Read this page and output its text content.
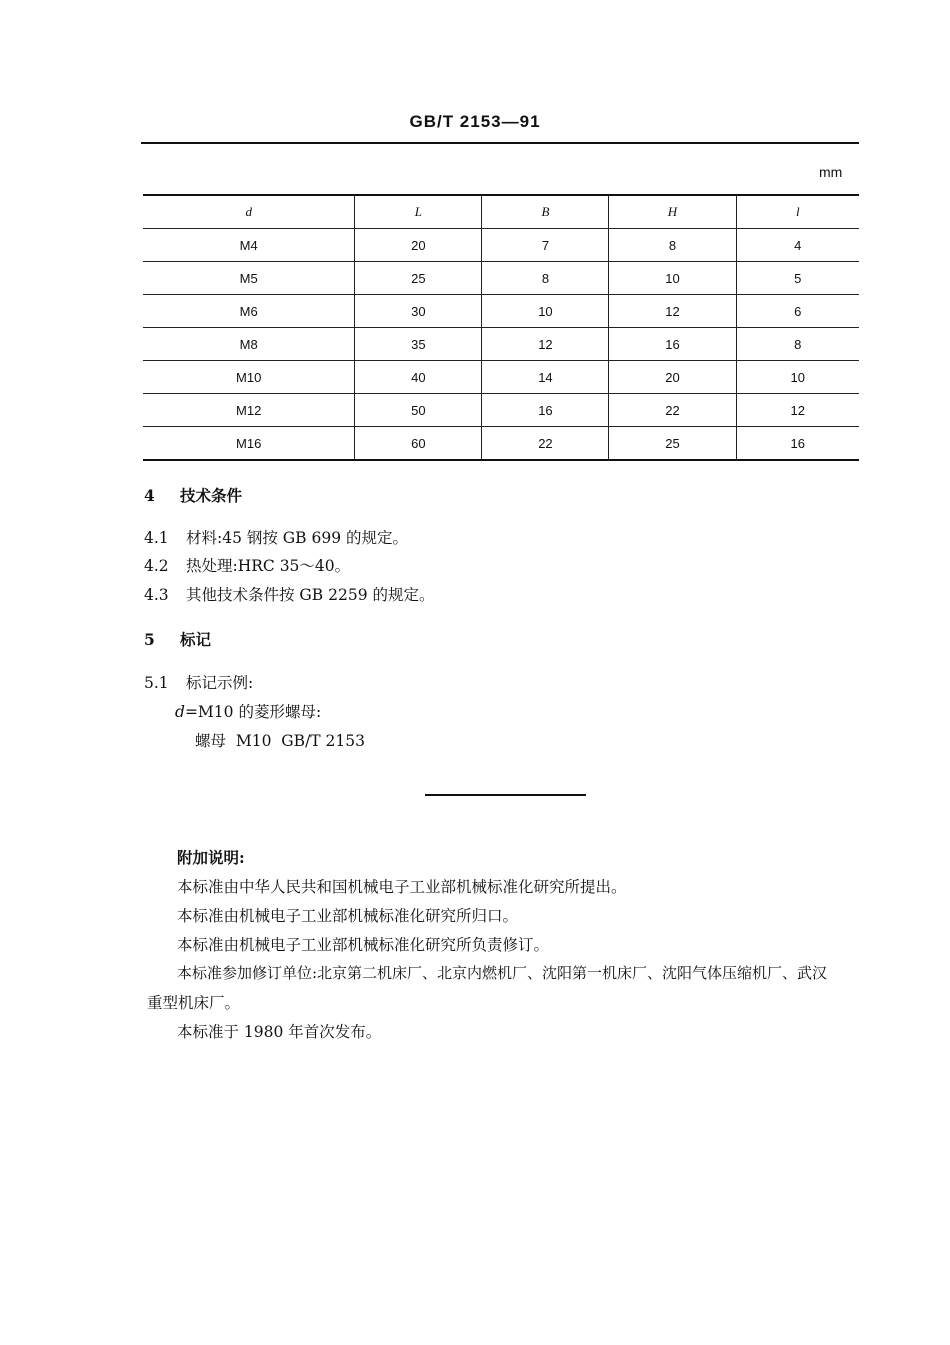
GB/T 2153—91
mm
d	L	B	H	l
M4	20	7	8	4
M5	25	8	10	5
M6	30	10	12	6
M8	35	12	16	8
M10	40	14	20	10
M12	50	16	22	12
M16	60	22	25	16
4 技术条件
4.1 材料:45 钢按 GB 699 的规定。
4.2 热处理:HRC 35～40。
4.3 其他技术条件按 GB 2259 的规定。
5 标记
5.1 标记示例:
d=M10 的菱形螺母:
螺母  M10  GB/T 2153
附加说明:
本标准由中华人民共和国机械电子工业部机械标准化研究所提出。
本标准由机械电子工业部机械标准化研究所归口。
本标准由机械电子工业部机械标准化研究所负责修订。
本标准参加修订单位:北京第二机床厂、北京内燃机厂、沈阳第一机床厂、沈阳气体压缩机厂、武汉
重型机床厂。
本标准于 1980 年首次发布。
